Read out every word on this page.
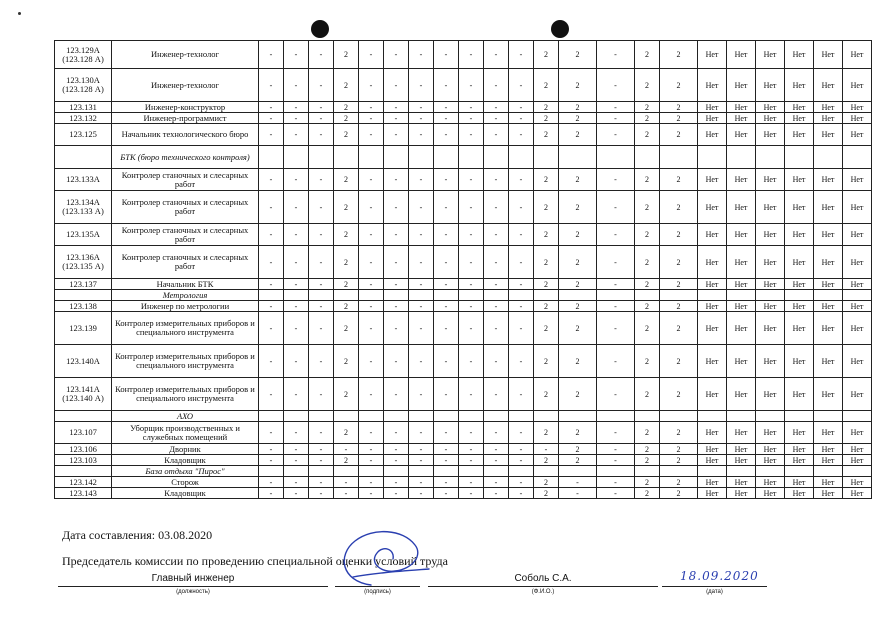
123.129А (123.128 А)	Инженер-технолог	-	-	-	2	-	-	-	-	-	-	-	2	2	-	2	2	Нет	Нет	Нет	Нет	Нет	Нет
123.130А (123.128 А)	Инженер-технолог	-	-	-	2	-	-	-	-	-	-	-	2	2	-	2	2	Нет	Нет	Нет	Нет	Нет	Нет
123.131	Инженер-конструктор	-	-	-	2	-	-	-	-	-	-	-	2	2	-	2	2	Нет	Нет	Нет	Нет	Нет	Нет
123.132	Инженер-программист	-	-	-	2	-	-	-	-	-	-	-	2	2	-	2	2	Нет	Нет	Нет	Нет	Нет	Нет
123.125	Начальник технологического бюро	-	-	-	2	-	-	-	-	-	-	-	2	2	-	2	2	Нет	Нет	Нет	Нет	Нет	Нет
	БТК (бюро технического контроля)																						
123.133А	Контролер станочных и слесарных работ	-	-	-	2	-	-	-	-	-	-	-	2	2	-	2	2	Нет	Нет	Нет	Нет	Нет	Нет
123.134А (123.133 А)	Контролер станочных и слесарных работ	-	-	-	2	-	-	-	-	-	-	-	2	2	-	2	2	Нет	Нет	Нет	Нет	Нет	Нет
123.135А	Контролер станочных и слесарных работ	-	-	-	2	-	-	-	-	-	-	-	2	2	-	2	2	Нет	Нет	Нет	Нет	Нет	Нет
123.136А (123.135 А)	Контролер станочных и слесарных работ	-	-	-	2	-	-	-	-	-	-	-	2	2	-	2	2	Нет	Нет	Нет	Нет	Нет	Нет
123.137	Начальник БТК	-	-	-	2	-	-	-	-	-	-	-	2	2	-	2	2	Нет	Нет	Нет	Нет	Нет	Нет
	Метрология																						
123.138	Инженер по метрологии	-	-	-	2	-	-	-	-	-	-	-	2	2	-	2	2	Нет	Нет	Нет	Нет	Нет	Нет
123.139	Контролер измерительных приборов и специального инструмента	-	-	-	2	-	-	-	-	-	-	-	2	2	-	2	2	Нет	Нет	Нет	Нет	Нет	Нет
123.140А	Контролер измерительных приборов и специального инструмента	-	-	-	2	-	-	-	-	-	-	-	2	2	-	2	2	Нет	Нет	Нет	Нет	Нет	Нет
123.141А (123.140 А)	Контролер измерительных приборов и специального инструмента	-	-	-	2	-	-	-	-	-	-	-	2	2	-	2	2	Нет	Нет	Нет	Нет	Нет	Нет
	АХО																						
123.107	Уборщик производственных и служебных помещений	-	-	-	2	-	-	-	-	-	-	-	2	2	-	2	2	Нет	Нет	Нет	Нет	Нет	Нет
123.106	Дворник	-	-	-	-	-	-	-	-	-	-	-	-	2	-	2	2	Нет	Нет	Нет	Нет	Нет	Нет
123.103	Кладовщик	-	-	-	2	-	-	-	-	-	-	-	2	2	-	2	2	Нет	Нет	Нет	Нет	Нет	Нет
	База отдыха "Пирос"																						
123.142	Сторож	-	-	-	-	-	-	-	-	-	-	-	2	-	-	2	2	Нет	Нет	Нет	Нет	Нет	Нет
123.143	Кладовщик	-	-	-	-	-	-	-	-	-	-	-	2	-	-	2	2	Нет	Нет	Нет	Нет	Нет	Нет
Дата составления: 03.08.2020
Председатель комиссии по проведению специальной оценки условий труда
Главный инженер
(должность)	(подпись)
Соболь С.А.
(Ф.И.О.)
18.09.2020
(дата)
